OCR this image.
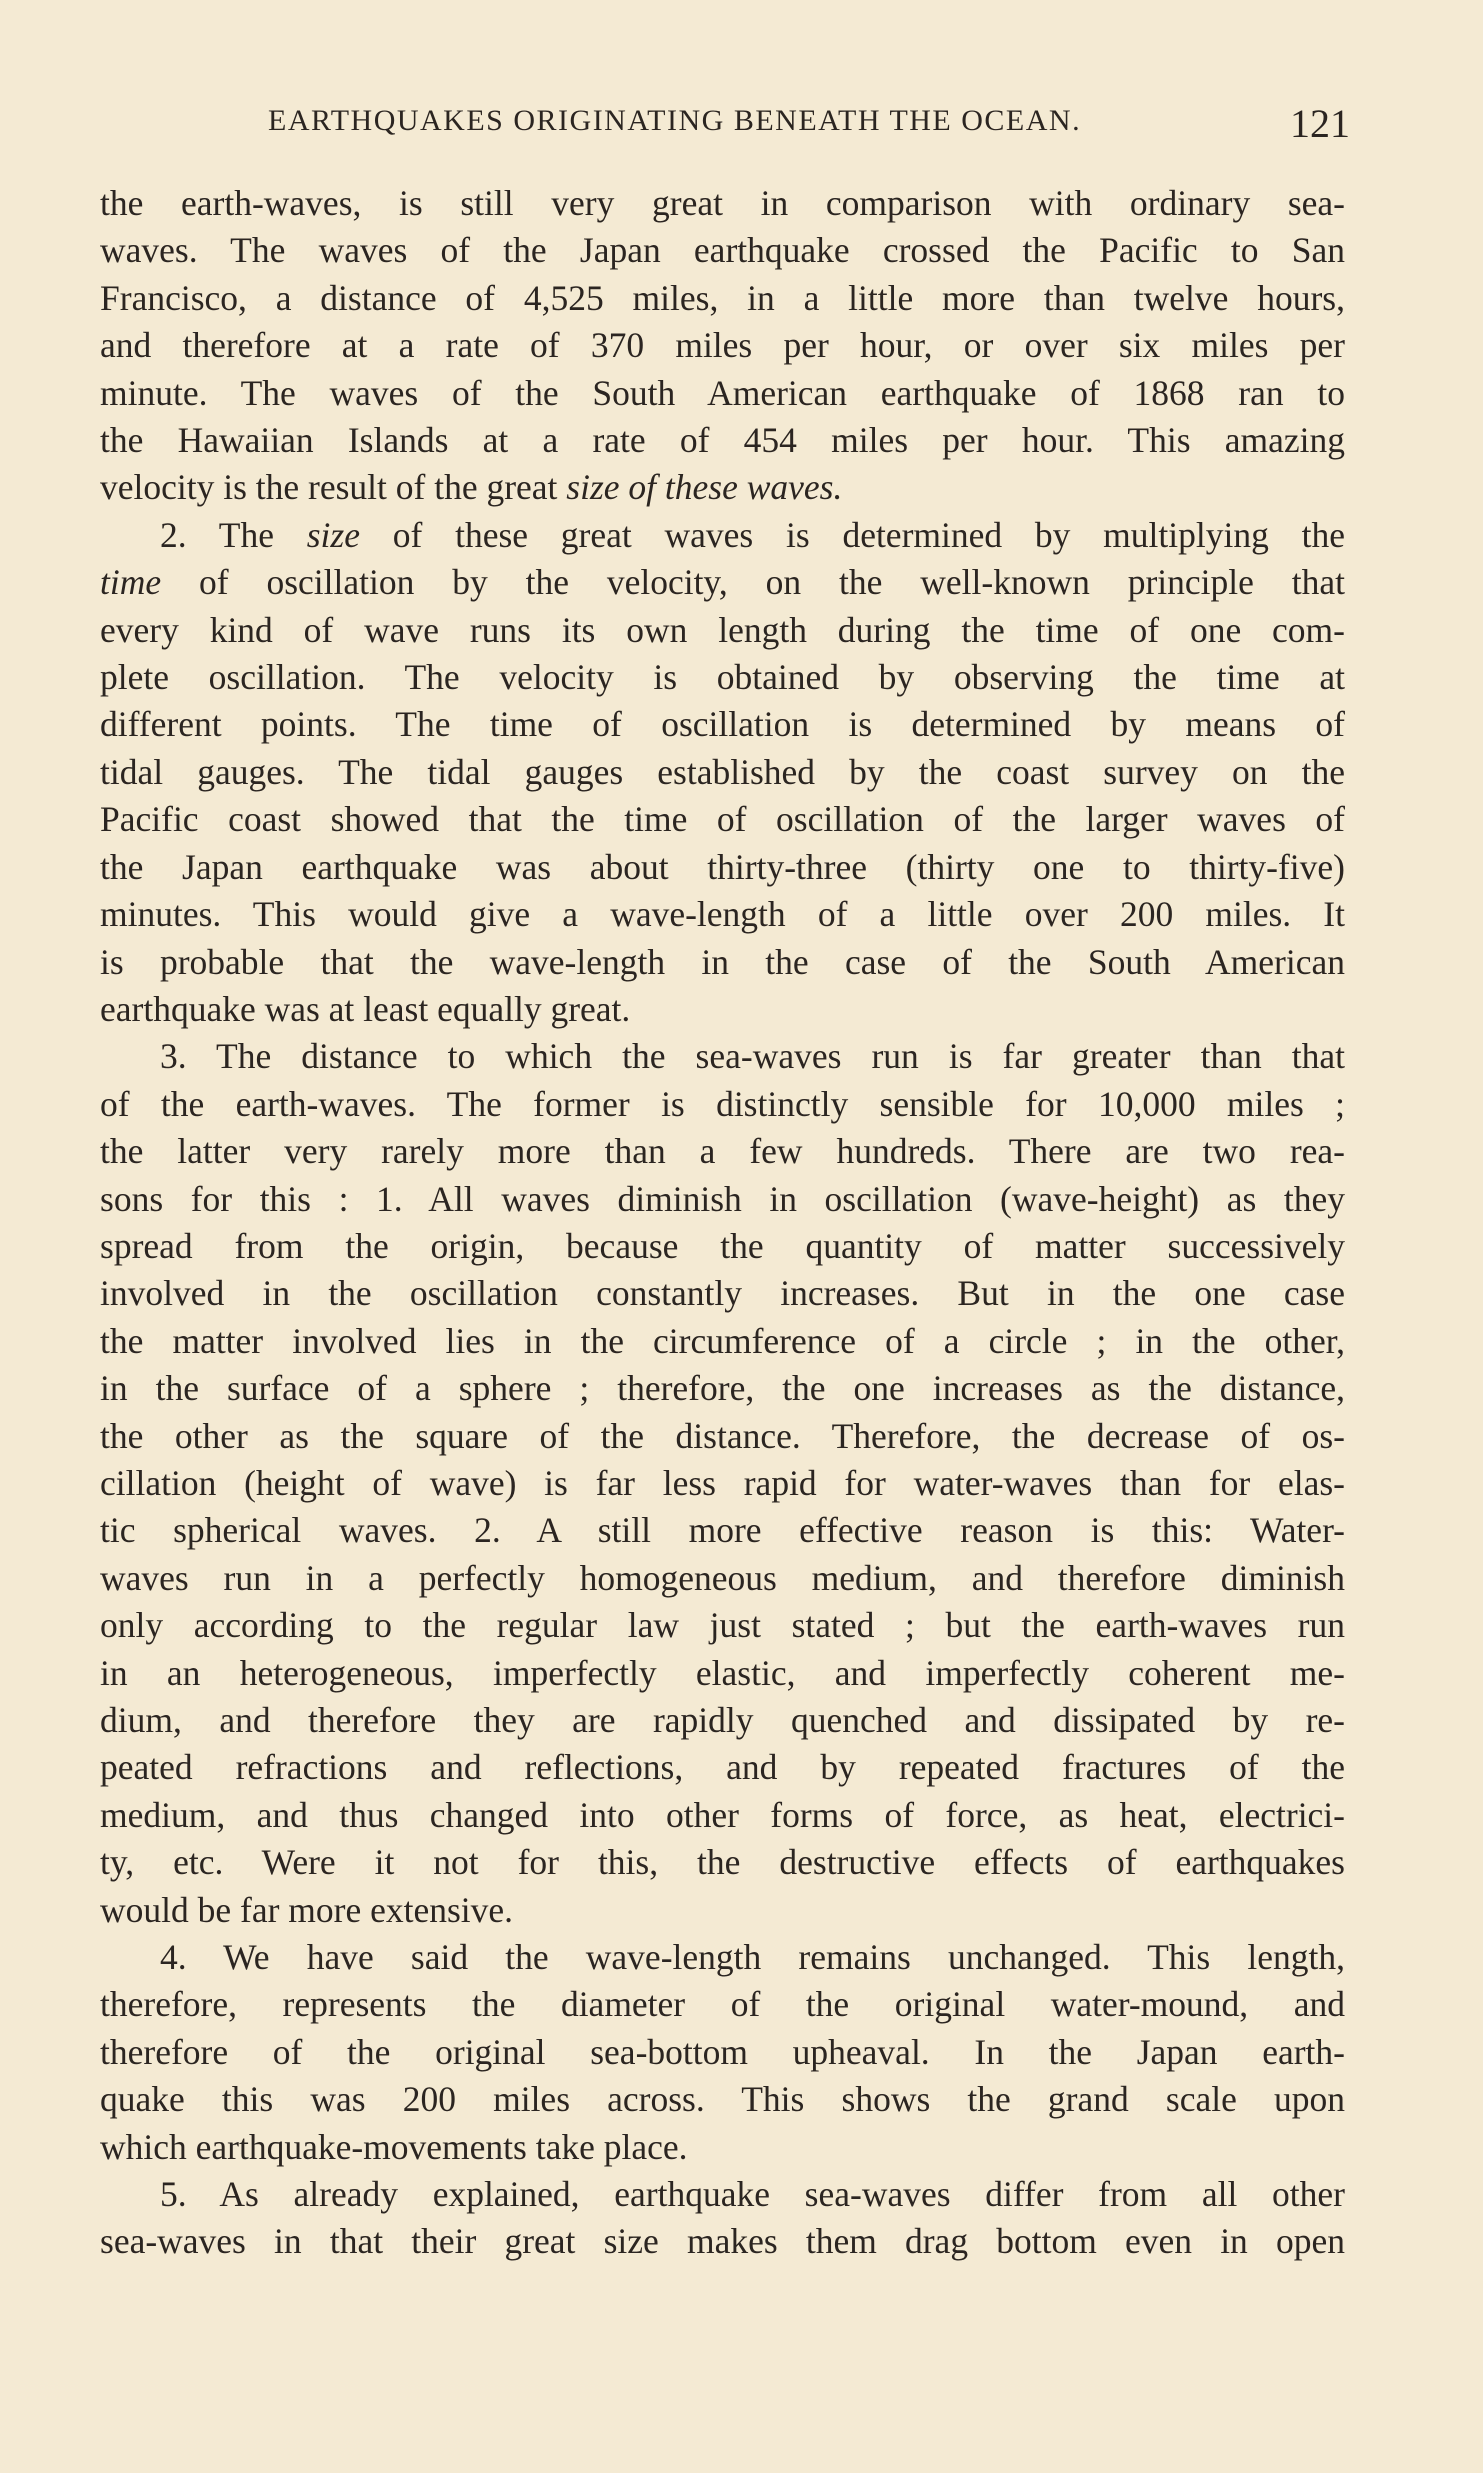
EARTHQUAKES ORIGINATING BENEATH THE OCEAN.	121
the earth-waves, is still very great in comparison with ordinary sea-
waves. The waves of the Japan earthquake crossed the Pacific to San
Francisco, a distance of 4,525 miles, in a little more than twelve hours,
and therefore at a rate of 370 miles per hour, or over six miles per
minute. The waves of the South American earthquake of 1868 ran to
the Hawaiian Islands at a rate of 454 miles per hour. This amazing
velocity is the result of the great size of these waves.
2. The size of these great waves is determined by multiplying the
time of oscillation by the velocity, on the well-known principle that
every kind of wave runs its own length during the time of one com-
plete oscillation. The velocity is obtained by observing the time at
different points. The time of oscillation is determined by means of
tidal gauges. The tidal gauges established by the coast survey on the
Pacific coast showed that the time of oscillation of the larger waves of
the Japan earthquake was about thirty-three (thirty one to thirty-five)
minutes. This would give a wave-length of a little over 200 miles. It
is probable that the wave-length in the case of the South American
earthquake was at least equally great.
3. The distance to which the sea-waves run is far greater than that
of the earth-waves. The former is distinctly sensible for 10,000 miles ;
the latter very rarely more than a few hundreds. There are two rea-
sons for this : 1. All waves diminish in oscillation (wave-height) as they
spread from the origin, because the quantity of matter successively
involved in the oscillation constantly increases. But in the one case
the matter involved lies in the circumference of a circle ; in the other,
in the surface of a sphere ; therefore, the one increases as the distance,
the other as the square of the distance. Therefore, the decrease of os-
cillation (height of wave) is far less rapid for water-waves than for elas-
tic spherical waves. 2. A still more effective reason is this: Water-
waves run in a perfectly homogeneous medium, and therefore diminish
only according to the regular law just stated ; but the earth-waves run
in an heterogeneous, imperfectly elastic, and imperfectly coherent me-
dium, and therefore they are rapidly quenched and dissipated by re-
peated refractions and reflections, and by repeated fractures of the
medium, and thus changed into other forms of force, as heat, electrici-
ty, etc. Were it not for this, the destructive effects of earthquakes
would be far more extensive.
4. We have said the wave-length remains unchanged. This length,
therefore, represents the diameter of the original water-mound, and
therefore of the original sea-bottom upheaval. In the Japan earth-
quake this was 200 miles across. This shows the grand scale upon
which earthquake-movements take place.
5. As already explained, earthquake sea-waves differ from all other
sea-waves in that their great size makes them drag bottom even in open
